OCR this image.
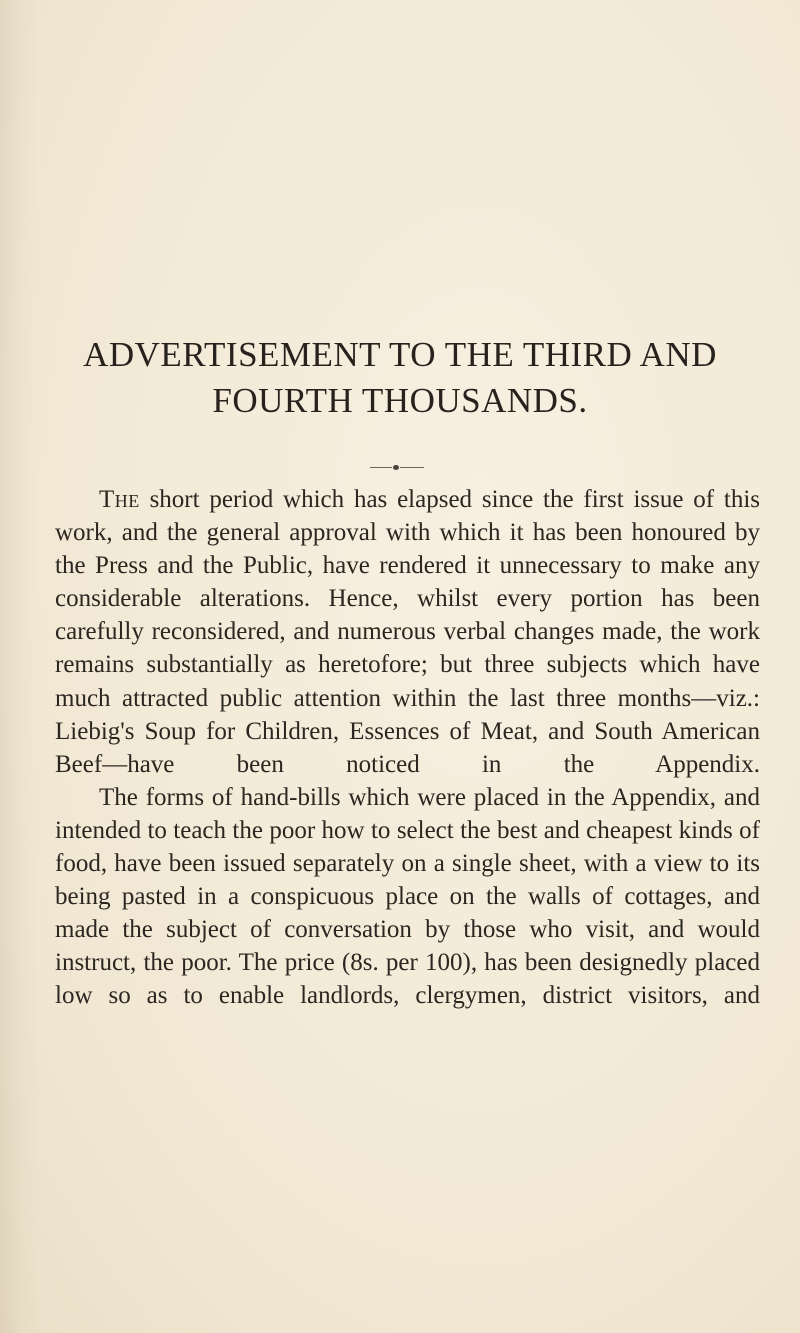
ADVERTISEMENT TO THE THIRD AND
FOURTH THOUSANDS.

The short period which has elapsed since the first issue of this work, and the general approval with which it has been honoured by the Press and the Public, have rendered it unnecessary to make any considerable alterations. Hence, whilst every portion has been carefully reconsidered, and numerous verbal changes made, the work remains substantially as heretofore; but three subjects which have much attracted public attention within the last three months—viz.: Liebig's Soup for Children, Essences of Meat, and South American Beef—have been noticed in the Appendix.

The forms of hand-bills which were placed in the Appendix, and intended to teach the poor how to select the best and cheapest kinds of food, have been issued separately on a single sheet, with a view to its being pasted in a conspicuous place on the walls of cottages, and made the subject of conversation by those who visit, and would instruct, the poor. The price (8s. per 100), has been designedly placed low so as to enable landlords, clergymen, district visitors, and
